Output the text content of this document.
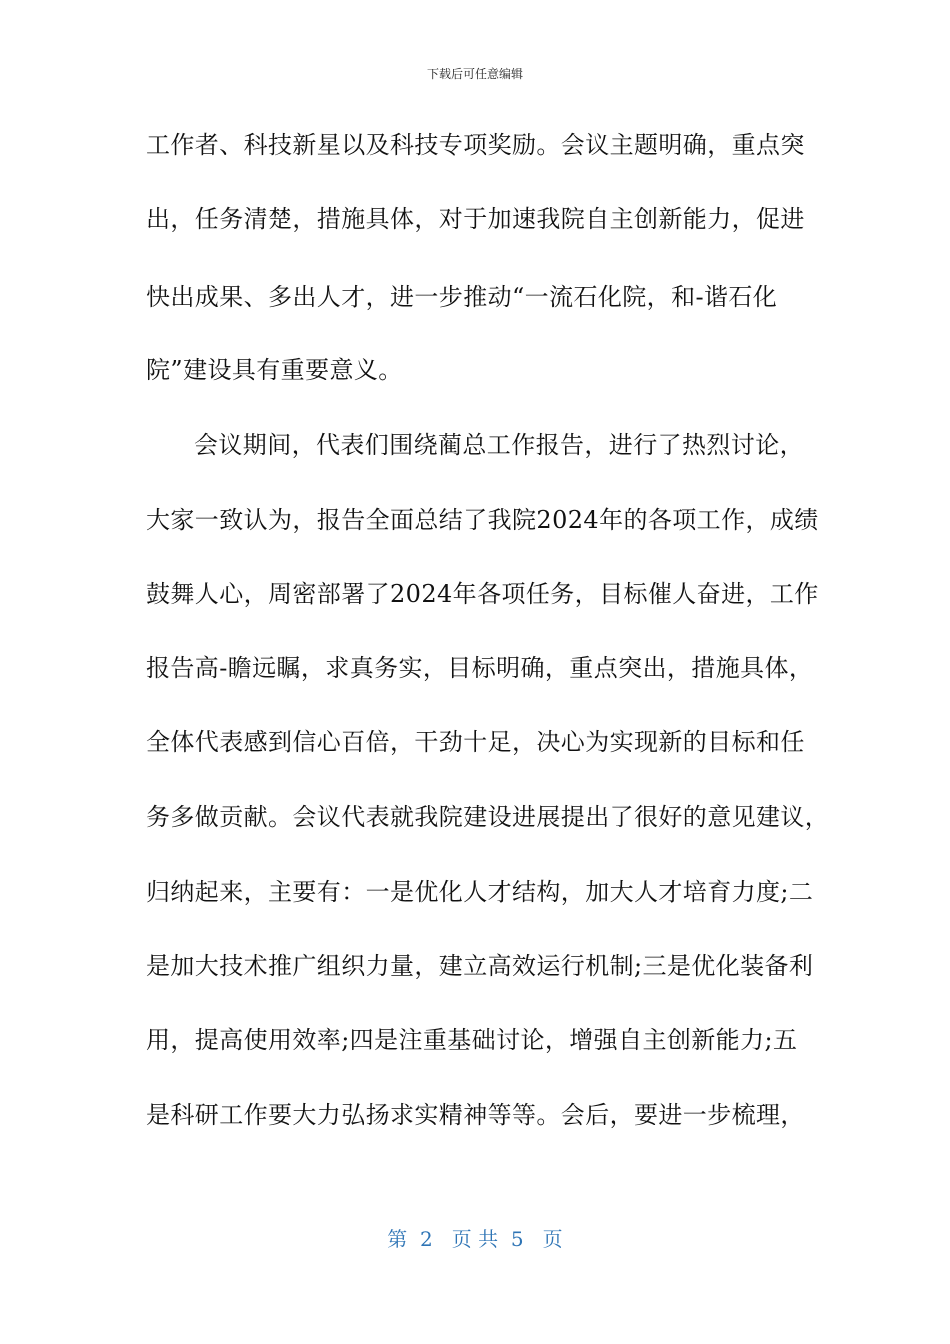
下载后可任意编辑
工作者、科技新星以及科技专项奖励。会议主题明确，重点突
出，任务清楚，措施具体，对于加速我院自主创新能力，促进
快出成果、多出人才，进一步推动“一流石化院，和-谐石化
院”建设具有重要意义。
会议期间，代表们围绕蔺总工作报告，进行了热烈讨论，
大家一致认为，报告全面总结了我院2024年的各项工作，成绩
鼓舞人心，周密部署了2024年各项任务，目标催人奋进，工作
报告高-瞻远瞩，求真务实，目标明确，重点突出，措施具体，
全体代表感到信心百倍，干劲十足，决心为实现新的目标和任
务多做贡献。会议代表就我院建设进展提出了很好的意见建议，
归纳起来，主要有：一是优化人才结构，加大人才培育力度;二
是加大技术推广组织力量，建立高效运行机制;三是优化装备利
用，提高使用效率;四是注重基础讨论，增强自主创新能力;五
是科研工作要大力弘扬求实精神等等。会后，要进一步梳理，
第  2   页 共  5   页
